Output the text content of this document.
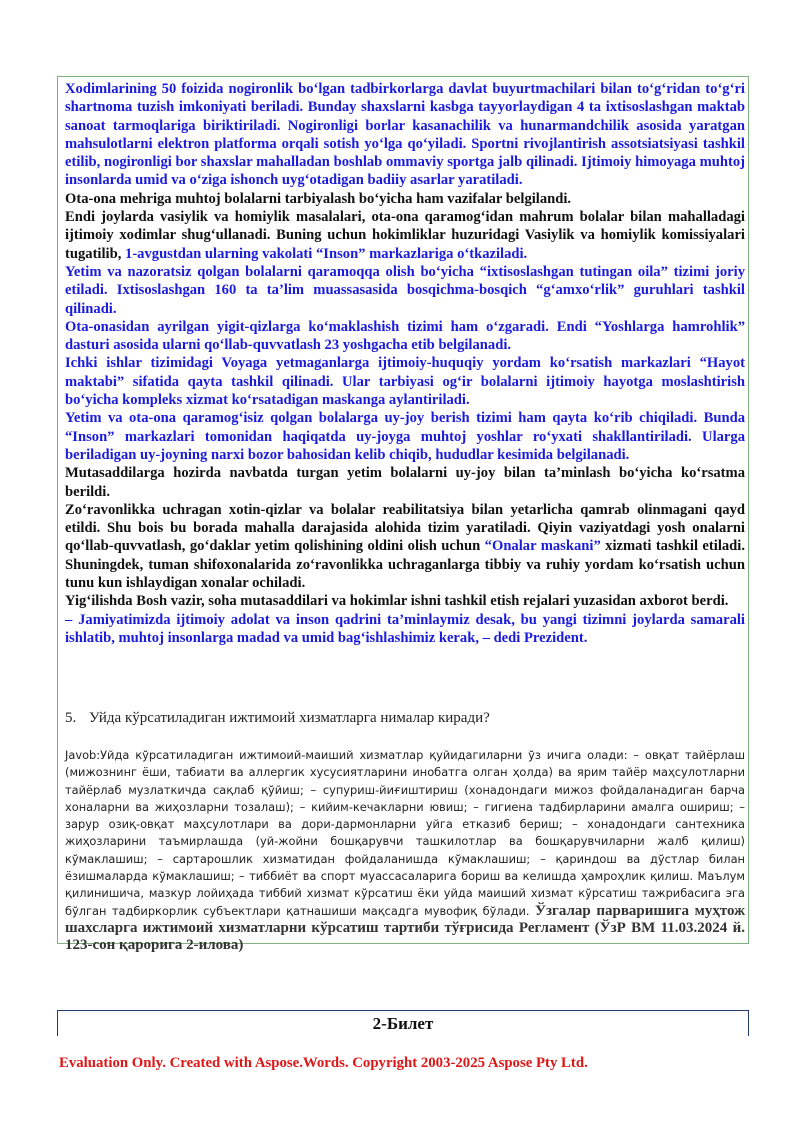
Xodimlarining 50 foizida nogironlik bo‘lgan tadbirkorlarga davlat buyurtmachilari bilan to‘g‘ridan to‘g‘ri shartnoma tuzish imkoniyati beriladi. Bunday shaxslarni kasbga tayyorlaydigan 4 ta ixtisoslashgan maktab sanoat tarmoqlariga biriktiriladi. Nogironligi borlar kasanachilik va hunarmandchilik asosida yaratgan mahsulotlarni elektron platforma orqali sotish yo‘lga qo‘yiladi. Sportni rivojlantirish assotsiatsiyasi tashkil etilib, nogironligi bor shaxslar mahalladan boshlab ommaviy sportga jalb qilinadi. Ijtimoiy himoyaga muhtoj insonlarda umid va o‘ziga ishonch uyg‘otadigan badiiy asarlar yaratiladi.

Ota-ona mehriga muhtoj bolalarni tarbiyalash bo‘yicha ham vazifalar belgilandi.

Endi joylarda vasiylik va homiylik masalalari, ota-ona qaramog‘idan mahrum bolalar bilan mahalladagi ijtimoiy xodimlar shug‘ullanadi. Buning uchun hokimliklar huzuridagi Vasiylik va homiylik komissiyalari tugatilib, 1-avgustdan ularning vakolati “Inson” markazlariga o‘tkaziladi.

Yetim va nazoratsiz qolgan bolalarni qaramoqqa olish bo‘yicha “ixtisoslashgan tutingan oila” tizimi joriy etiladi. Ixtisoslashgan 160 ta ta’lim muassasasida bosqichma-bosqich “g‘amxo‘rlik” guruhlari tashkil qilinadi.

Ota-onasidan ayrilgan yigit-qizlarga ko‘maklashish tizimi ham o‘zgaradi. Endi “Yoshlarga hamrohlik” dasturi asosida ularni qo‘llab-quvvatlash 23 yoshgacha etib belgilanadi.

Ichki ishlar tizimidagi Voyaga yetmaganlarga ijtimoiy-huquqiy yordam ko‘rsatish markazlari “Hayot maktabi” sifatida qayta tashkil qilinadi. Ular tarbiyasi og‘ir bolalarni ijtimoiy hayotga moslashtirish bo‘yicha kompleks xizmat ko‘rsatadigan maskanga aylantiriladi.

Yetim va ota-ona qaramog‘isiz qolgan bolalarga uy-joy berish tizimi ham qayta ko‘rib chiqiladi. Bunda “Inson” markazlari tomonidan haqiqatda uy-joyga muhtoj yoshlar ro‘yxati shakllantiriladi. Ularga beriladigan uy-joyning narxi bozor bahosidan kelib chiqib, hududlar kesimida belgilanadi.

Mutasaddilarga hozirda navbatda turgan yetim bolalarni uy-joy bilan ta’minlash bo‘yicha ko‘rsatma berildi.

Zo‘ravonlikka uchragan xotin-qizlar va bolalar reabilitatsiya bilan yetarlicha qamrab olinmagani qayd etildi. Shu bois bu borada mahalla darajasida alohida tizim yaratiladi. Qiyin vaziyatdagi yosh onalarni qo‘llab-quvvatlash, go‘daklar yetim qolishining oldini olish uchun “Onalar maskani” xizmati tashkil etiladi. Shuningdek, tuman shifoxonalarida zo‘ravonlikka uchraganlarga tibbiy va ruhiy yordam ko‘rsatish uchun tunu kun ishlaydigan xonalar ochiladi.

Yig‘ilishda Bosh vazir, soha mutasaddilari va hokimlar ishni tashkil etish rejalari yuzasidan axborot berdi.

– Jamiyatimizda ijtimoiy adolat va inson qadrini ta’minlaymiz desak, bu yangi tizimni joylarda samarali ishlatib, muhtoj insonlarga madad va umid bag‘ishlashimiz kerak, – dedi Prezident.

5. Уйда кўрсатиладиган ижтимоий хизматларга нималар киради?
Javob:Уйда кўрсатиладиган ижтимоий-маиший хизматлар қуйидагиларни ўз ичига олади: – овқат тайёрлаш (мижознинг ёши, табиати ва аллергик хусусиятларини инобатга олган ҳолда) ва ярим тайёр маҳсулотларни тайёрлаб музлаткичда сақлаб қўйиш; – супуриш-йиғиштириш (хонадондаги мижоз фойдаланадиган барча хоналарни ва жиҳозларни тозалаш); – кийим-кечакларни ювиш; – гигиена тадбирларини амалга ошириш; – зарур озиқ-овқат маҳсулотлари ва дори-дармонларни уйга етказиб бериш; – хонадондаги сантехника жиҳозларини таъмирлашда (уй-жойни бошқарувчи ташкилотлар ва бошқарувчиларни жалб қилиш) кўмаклашиш; – сартарошлик хизматидан фойдаланишда кўмаклашиш; – қариндош ва дўстлар билан ёзишмаларда кўмаклашиш; – тиббиёт ва спорт муассасаларига бориш ва келишда ҳамроҳлик қилиш. Маълум қилинишича, мазкур лойиҳада тиббий хизмат кўрсатиш ёки уйда маиший хизмат кўрсатиш тажрибасига эга бўлган тадбиркорлик субъектлари қатнашиши мақсадга мувофиқ бўлади. Ўзгалар парваришига муҳтож шахсларга ижтимоий хизматларни кўрсатиш тартиби тўғрисида Регламент (ЎзР ВМ 11.03.2024 й. 123-сон қарорига 2-илова)
2-Билет
Evaluation Only. Created with Aspose.Words. Copyright 2003-2025 Aspose Pty Ltd.
